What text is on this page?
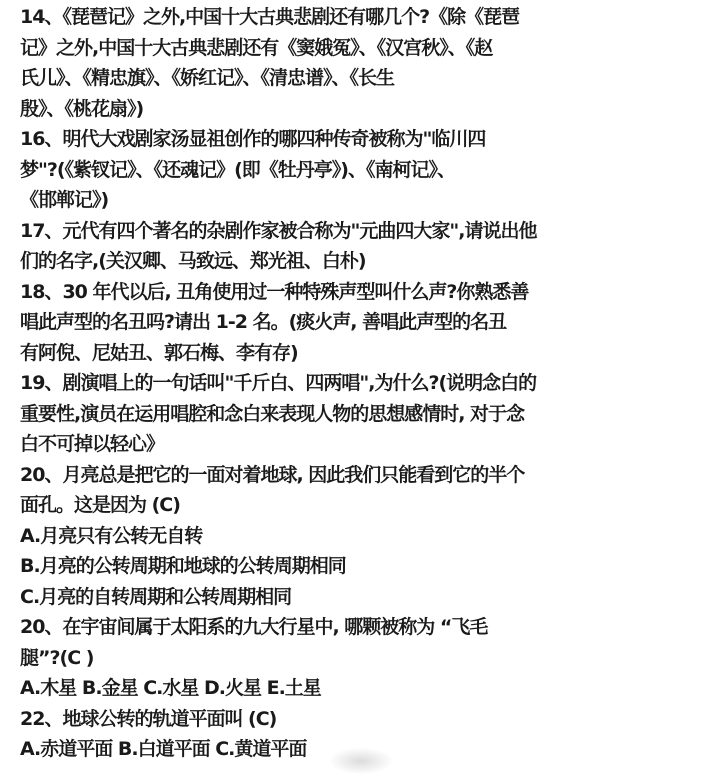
14、《琵琶记》之外,中国十大古典悲剧还有哪几个?《除《琵琶
记》之外,中国十大古典悲剧还有《窦娥冤》、《汉宫秋》、《赵
氏儿》、《精忠旗》、《娇红记》、《清忠谱》、《长生
殷》、《桃花扇》)
16、明代大戏剧家汤显祖创作的哪四种传奇被称为"临川四
梦"?(《紫钗记》、《还魂记》(即《牡丹亭》)、《南柯记》、
《邯郸记》)
17、元代有四个著名的杂剧作家被合称为"元曲四大家",请说出他
们的名字,(关汉卿、马致远、郑光祖、白朴)
18、30 年代以后, 丑角使用过一种特殊声型叫什么声?你熟悉善
唱此声型的名丑吗?请出 1-2 名。(痰火声, 善唱此声型的名丑
有阿倪、尼姑丑、郭石梅、李有存)
19、剧演唱上的一句话叫"千斤白、四两唱",为什么?(说明念白的
重要性,演员在运用唱腔和念白来表现人物的思想感情时, 对于念
白不可掉以轻心》
20、月亮总是把它的一面对着地球, 因此我们只能看到它的半个
面孔。这是因为 (C)
A.月亮只有公转无自转
B.月亮的公转周期和地球的公转周期相同
C.月亮的自转周期和公转周期相同
20、在宇宙间属于太阳系的九大行星中, 哪颗被称为 “飞毛
腿”?(C )
A.木星 B.金星 C.水星 D.火星 E.土星
22、地球公转的轨道平面叫 (C)
A.赤道平面 B.白道平面 C.黄道平面
